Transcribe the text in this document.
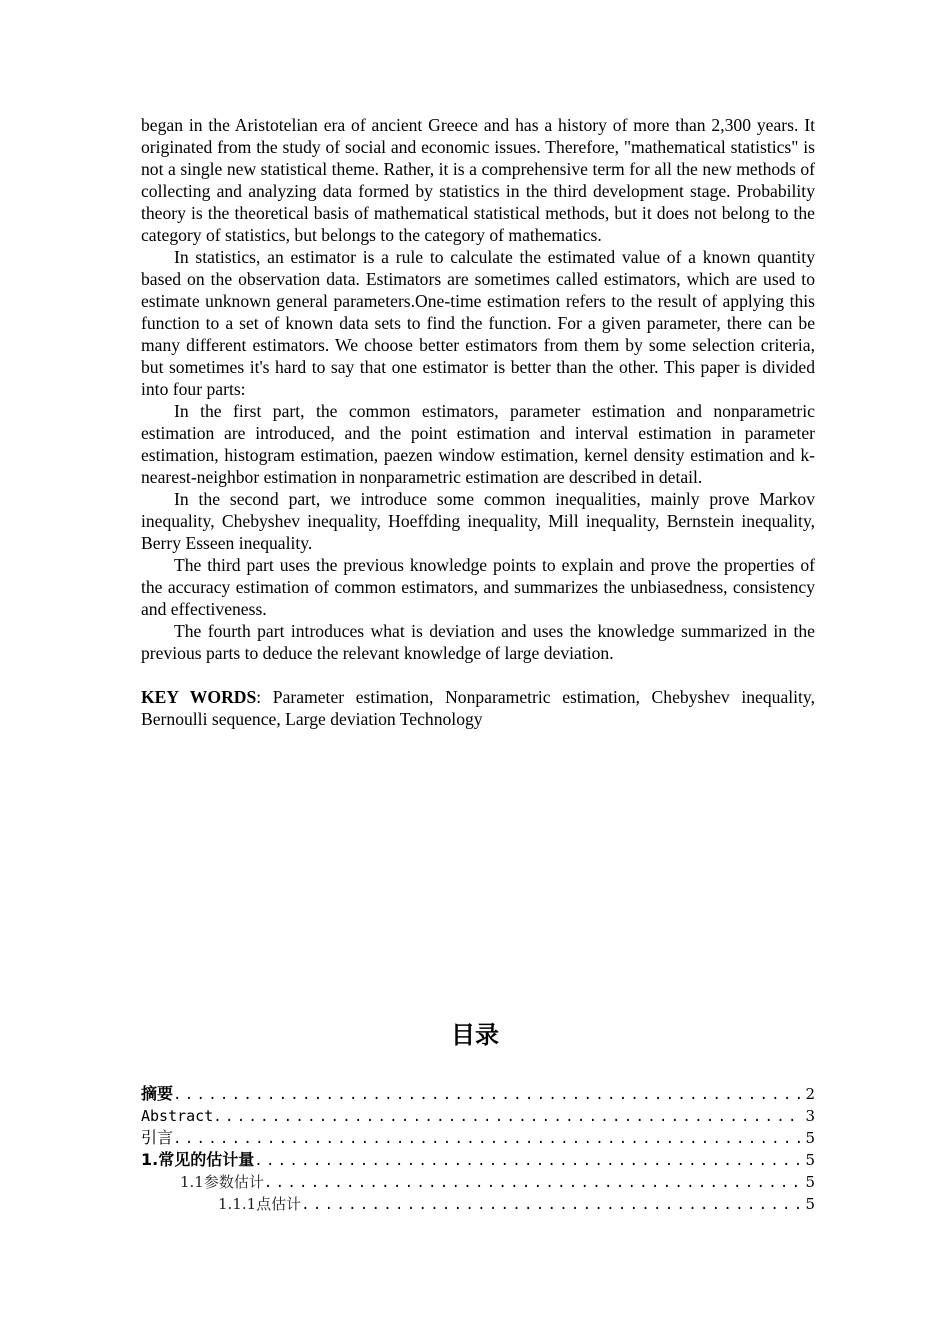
began in the Aristotelian era of ancient Greece and has a history of more than 2,300 years. It originated from the study of social and economic issues. Therefore, "mathematical statistics" is not a single new statistical theme. Rather, it is a comprehensive term for all the new methods of collecting and analyzing data formed by statistics in the third development stage. Probability theory is the theoretical basis of mathematical statistical methods, but it does not belong to the category of statistics, but belongs to the category of mathematics.

In statistics, an estimator is a rule to calculate the estimated value of a known quantity based on the observation data. Estimators are sometimes called estimators, which are used to estimate unknown general parameters.One-time estimation refers to the result of applying this function to a set of known data sets to find the function. For a given parameter, there can be many different estimators. We choose better estimators from them by some selection criteria, but sometimes it's hard to say that one estimator is better than the other. This paper is divided into four parts:

In the first part, the common estimators, parameter estimation and nonparametric estimation are introduced, and the point estimation and interval estimation in parameter estimation, histogram estimation, paezen window estimation, kernel density estimation and k-nearest-neighbor estimation in nonparametric estimation are described in detail.

In the second part, we introduce some common inequalities, mainly prove Markov inequality, Chebyshev inequality, Hoeffding inequality, Mill inequality, Bernstein inequality, Berry Esseen inequality.

The third part uses the previous knowledge points to explain and prove the properties of the accuracy estimation of common estimators, and summarizes the unbiasedness, consistency and effectiveness.

The fourth part introduces what is deviation and uses the knowledge summarized in the previous parts to deduce the relevant knowledge of large deviation.

KEY WORDS: Parameter estimation, Nonparametric estimation, Chebyshev inequality, Bernoulli sequence, Large deviation Technology

目录
摘要 .....	2
Abstract .....	3
引言 .....	5
1.常见的估计量 .....	5
1.1参数估计 .....	5
1.1.1点估计 .....	5
